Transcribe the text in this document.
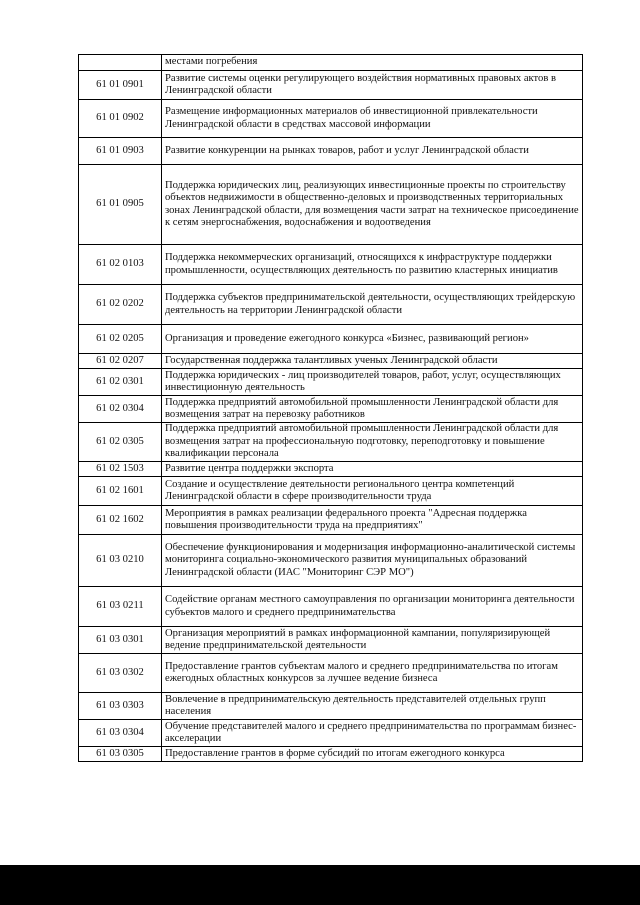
	местами погребения
61 01 0901	Развитие системы оценки регулирующего воздействия нормативных правовых актов в Ленинградской области
61 01 0902	Размещение информационных материалов об инвестиционной привлекательности Ленинградской области в средствах массовой информации
61 01 0903	Развитие конкуренции на рынках товаров, работ и услуг Ленинградской области
61 01 0905	Поддержка юридических лиц, реализующих инвестиционные проекты по строительству объектов недвижимости в общественно-деловых и производственных территориальных зонах Ленинградской области, для возмещения части затрат на техническое присоединение к сетям энергоснабжения, водоснабжения и водоотведения
61 02 0103	Поддержка некоммерческих организаций, относящихся к инфраструктуре поддержки промышленности, осуществляющих деятельность по развитию кластерных инициатив
61 02 0202	Поддержка субъектов предпринимательской деятельности, осуществляющих трейдерскую деятельность на территории Ленинградской области
61 02 0205	Организация и проведение ежегодного конкурса «Бизнес, развивающий регион»
61 02 0207	Государственная поддержка талантливых ученых Ленинградской области
61 02 0301	Поддержка юридических - лиц производителей товаров, работ, услуг, осуществляющих инвестиционную деятельность
61 02 0304	Поддержка предприятий автомобильной промышленности Ленинградской области для возмещения затрат на перевозку работников
61 02 0305	Поддержка предприятий автомобильной промышленности Ленинградской области для возмещения затрат на профессиональную подготовку, переподготовку и повышение квалификации персонала
61 02 1503	Развитие центра поддержки экспорта
61 02 1601	Создание и осуществление деятельности регионального центра компетенций Ленинградской области в сфере производительности труда
61 02 1602	Мероприятия в рамках реализации федерального проекта "Адресная поддержка повышения производительности труда на предприятиях"
61 03 0210	Обеспечение функционирования и модернизация информационно-аналитической системы мониторинга социально-экономического развития муниципальных образований Ленинградской области (ИАС "Мониторинг СЭР МО")
61 03 0211	Содействие органам местного самоуправления по организации мониторинга деятельности субъектов малого и среднего предпринимательства
61 03 0301	Организация мероприятий в рамках информационной кампании, популяризирующей ведение предпринимательской деятельности
61 03 0302	Предоставление грантов субъектам малого и среднего предпринимательства по итогам ежегодных областных конкурсов за лучшее ведение бизнеса
61 03 0303	Вовлечение в предпринимательскую деятельность представителей отдельных групп населения
61 03 0304	Обучение представителей малого и среднего предпринимательства по программам бизнес-акселерации
61 03 0305	Предоставление грантов в форме субсидий по итогам ежегодного конкурса
